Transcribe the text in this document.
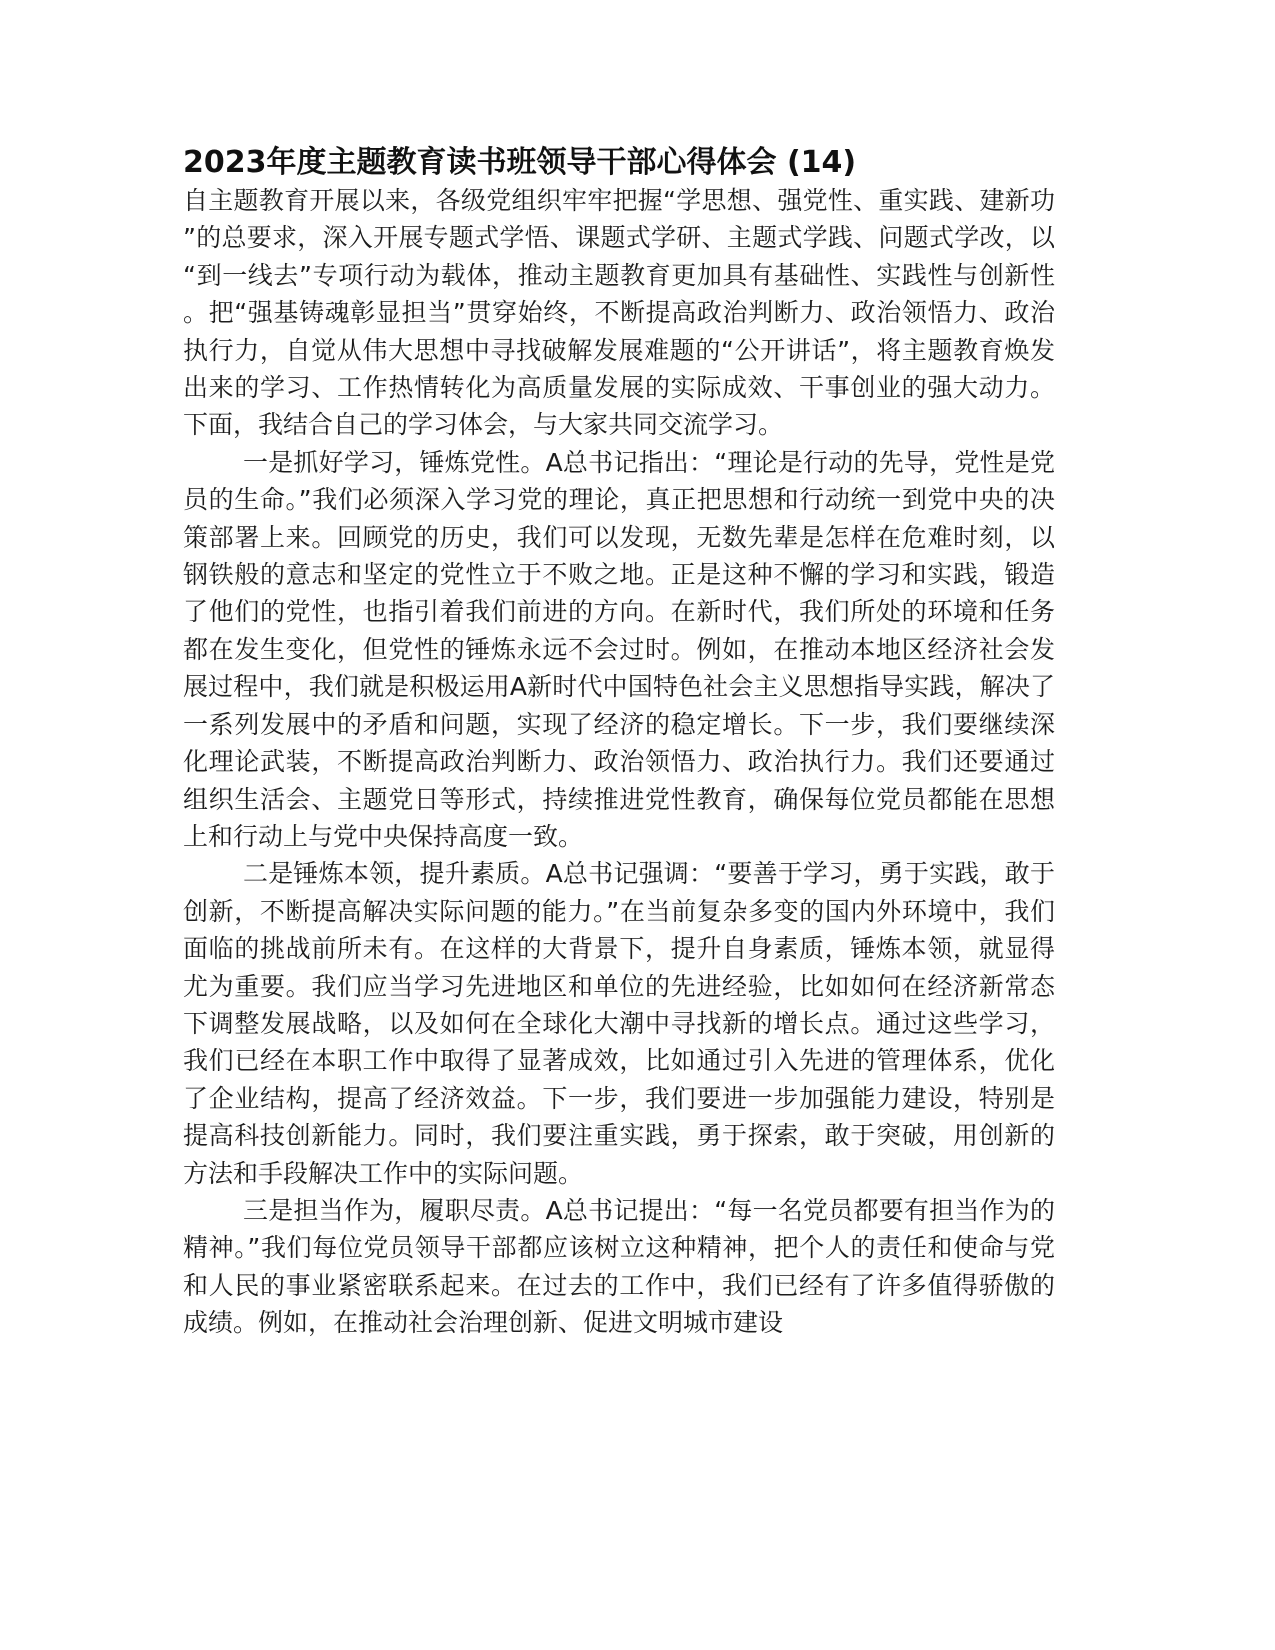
2023年度主题教育读书班领导干部心得体会 (14)

自主题教育开展以来，各级党组织牢牢把握“学思想、强党性、重实践、建新功”的总要求，深入开展专题式学悟、课题式学研、主题式学践、问题式学改，以“到一线去”专项行动为载体，推动主题教育更加具有基础性、实践性与创新性。把“强基铸魂彰显担当”贯穿始终，不断提高政治判断力、政治领悟力、政治执行力，自觉从伟大思想中寻找破解发展难题的“公开讲话”，将主题教育焕发出来的学习、工作热情转化为高质量发展的实际成效、干事创业的强大动力。下面，我结合自己的学习体会，与大家共同交流学习。

一是抓好学习，锤炼党性。A总书记指出：“理论是行动的先导，党性是党员的生命。”我们必须深入学习党的理论，真正把思想和行动统一到党中央的决策部署上来。回顾党的历史，我们可以发现，无数先辈是怎样在危难时刻，以钢铁般的意志和坚定的党性立于不败之地。正是这种不懈的学习和实践，锻造了他们的党性，也指引着我们前进的方向。在新时代，我们所处的环境和任务都在发生变化，但党性的锤炼永远不会过时。例如，在推动本地区经济社会发展过程中，我们就是积极运用A新时代中国特色社会主义思想指导实践，解决了一系列发展中的矛盾和问题，实现了经济的稳定增长。下一步，我们要继续深化理论武装，不断提高政治判断力、政治领悟力、政治执行力。我们还要通过组织生活会、主题党日等形式，持续推进党性教育，确保每位党员都能在思想上和行动上与党中央保持高度一致。

二是锤炼本领，提升素质。A总书记强调：“要善于学习，勇于实践，敢于创新，不断提高解决实际问题的能力。”在当前复杂多变的国内外环境中，我们面临的挑战前所未有。在这样的大背景下，提升自身素质，锤炼本领，就显得尤为重要。我们应当学习先进地区和单位的先进经验，比如如何在经济新常态下调整发展战略，以及如何在全球化大潮中寻找新的增长点。通过这些学习，我们已经在本职工作中取得了显著成效，比如通过引入先进的管理体系，优化了企业结构，提高了经济效益。下一步，我们要进一步加强能力建设，特别是提高科技创新能力。同时，我们要注重实践，勇于探索，敢于突破，用创新的方法和手段解决工作中的实际问题。

三是担当作为，履职尽责。A总书记提出：“每一名党员都要有担当作为的精神。”我们每位党员领导干部都应该树立这种精神，把个人的责任和使命与党和人民的事业紧密联系起来。在过去的工作中，我们已经有了许多值得骄傲的成绩。例如，在推动社会治理创新、促进文明城市建设
